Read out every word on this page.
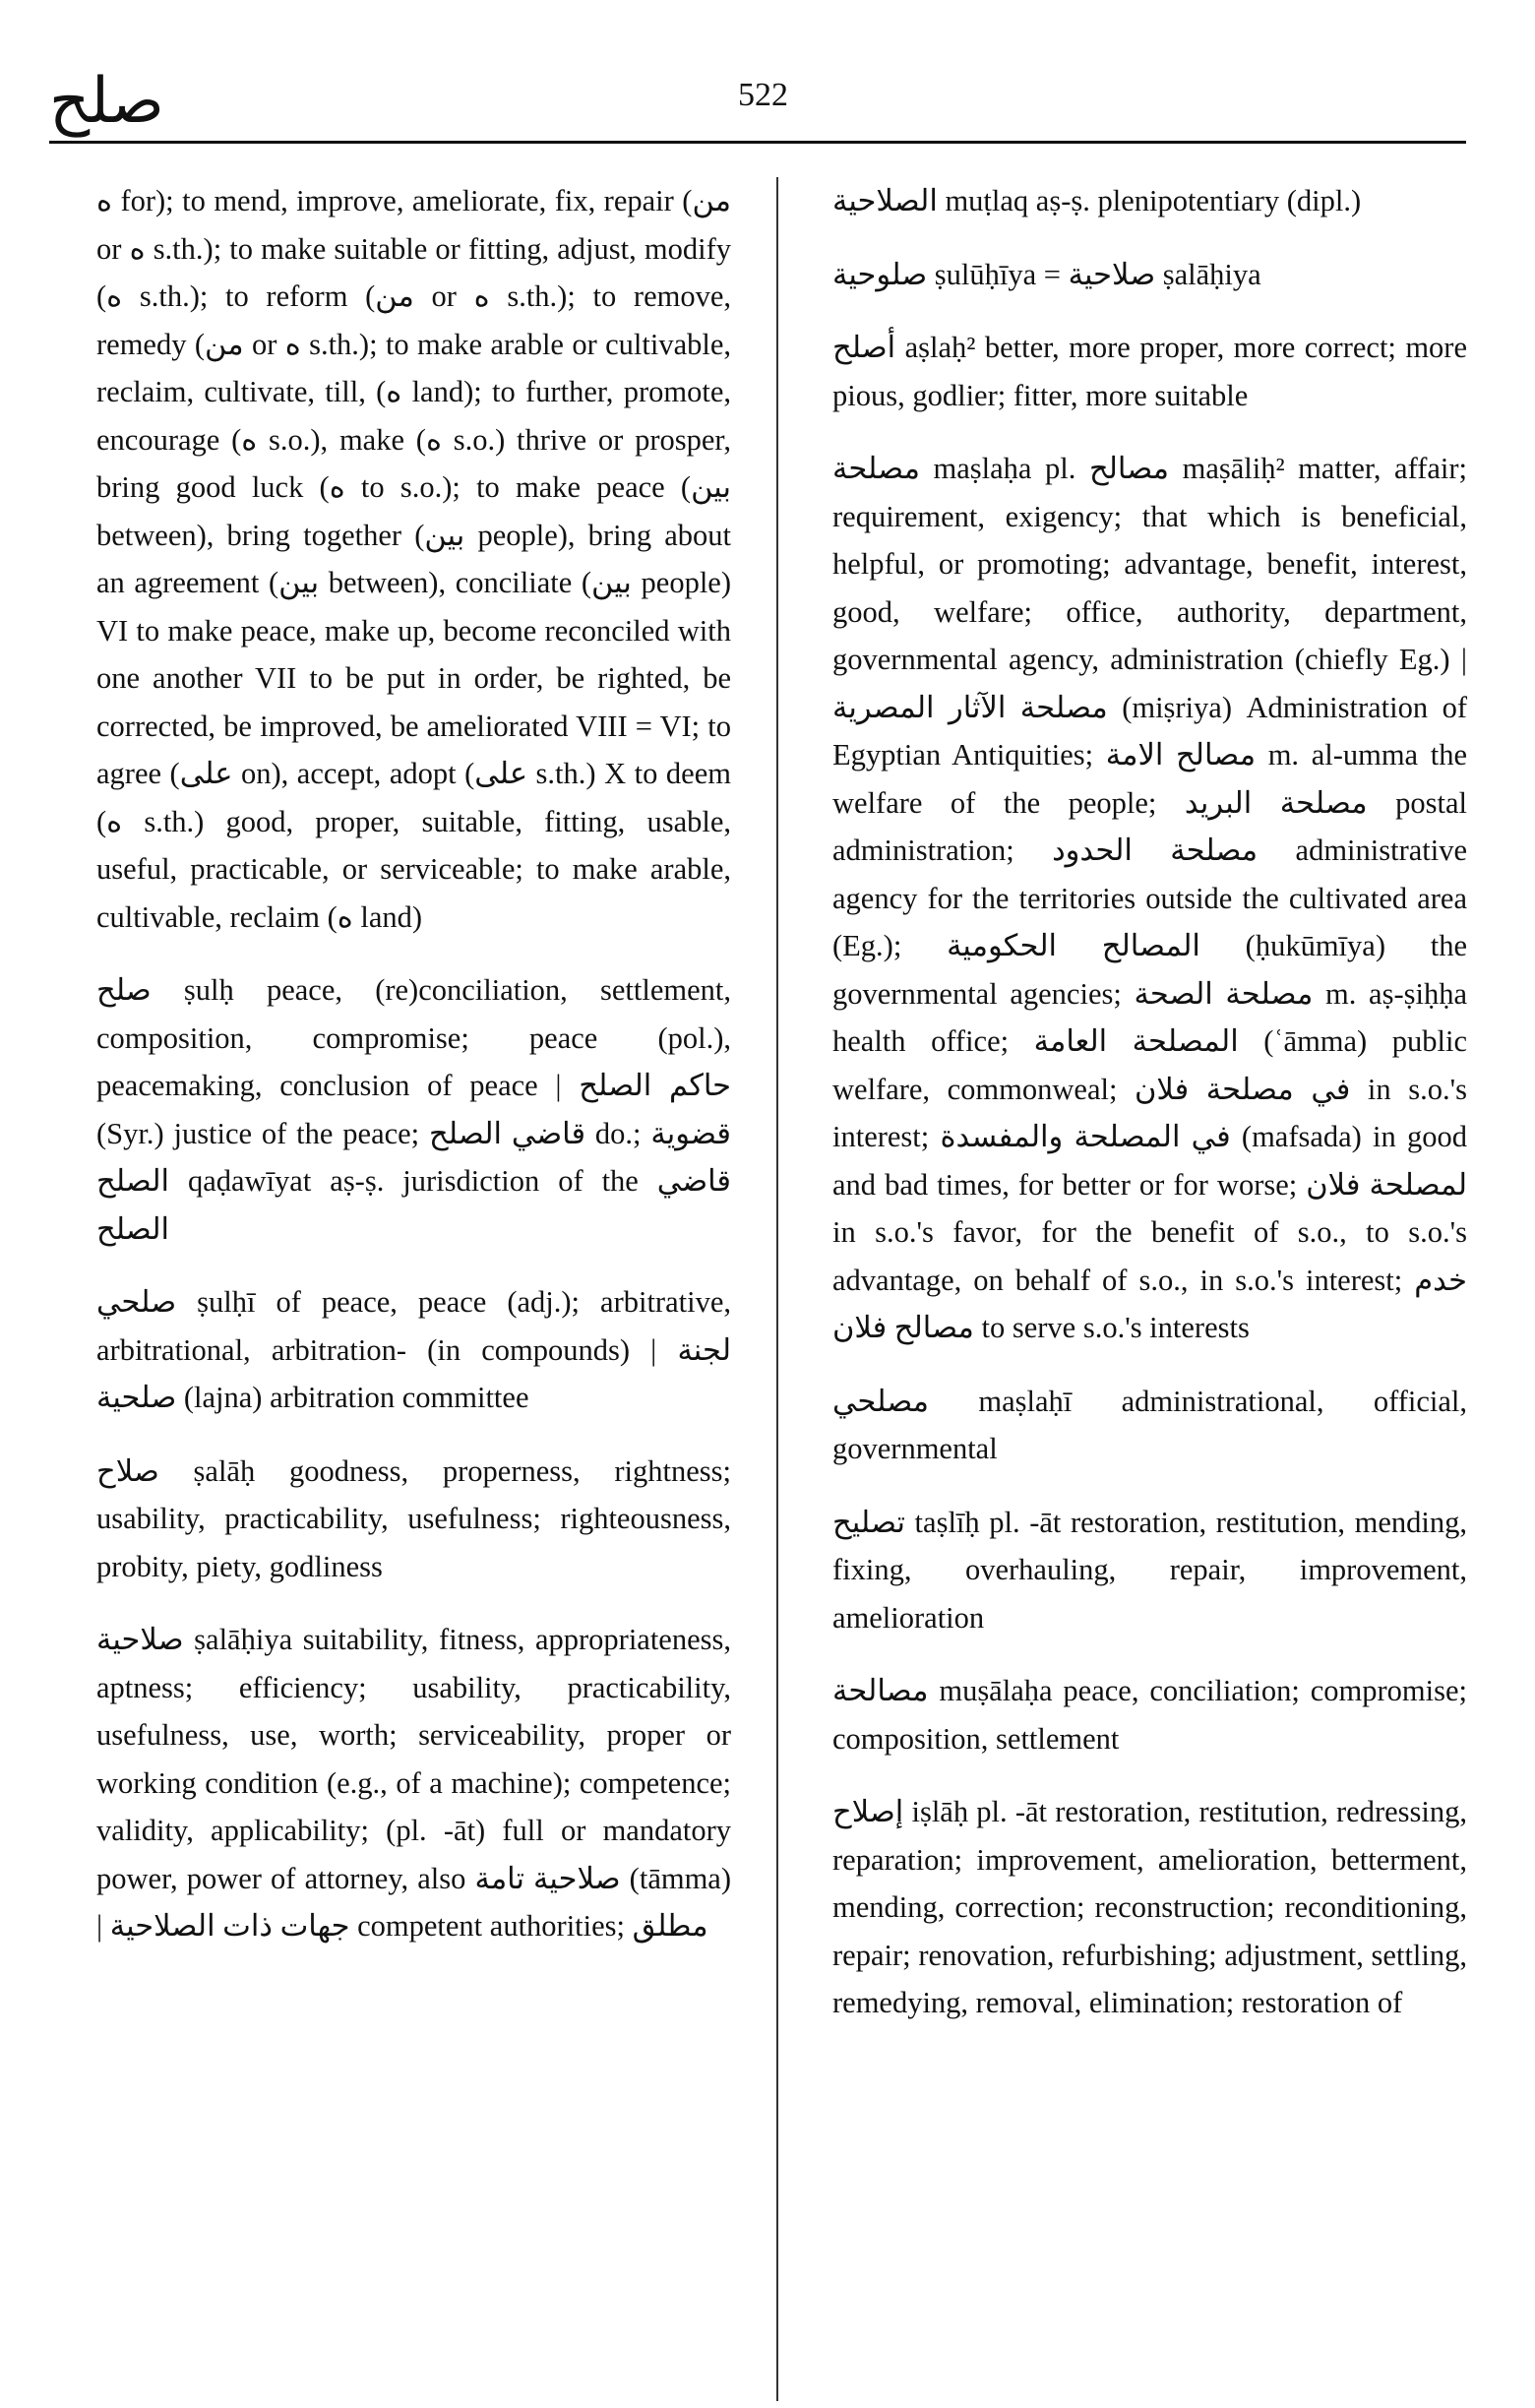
صلح	522

ه for); to mend, improve, ameliorate, fix, repair (من or ه s.th.); to make suitable or fitting, adjust, modify (ه s.th.); to reform (من or ه s.th.); to remove, remedy (من or ه s.th.); to make arable or cultivable, reclaim, cultivate, till, (ه land); to further, promote, encourage (ه s.o.), make (ه s.o.) thrive or prosper, bring good luck (ه to s.o.); to make peace (بين between), bring together (بين people), bring about an agreement (بين between), conciliate (بين people) VI to make peace, make up, become reconciled with one another VII to be put in order, be righted, be corrected, be improved, be ameliorated VIII = VI; to agree (على on), accept, adopt (على s.th.) X to deem (ه s.th.) good, proper, suitable, fitting, usable, useful, practicable, or serviceable; to make arable, cultivable, reclaim (ه land)

صلح ṣulḥ peace, (re)conciliation, settlement, composition, compromise; peace (pol.), peacemaking, conclusion of peace | حاكم الصلح (Syr.) justice of the peace; قاضي الصلح do.; قضوية الصلح qaḍawīyat aṣ-ṣ. jurisdiction of the قاضي الصلح

صلحي ṣulḥī of peace, peace (adj.); arbitrative, arbitrational, arbitration- (in compounds) | لجنة صلحية (lajna) arbitration committee

صلاح ṣalāḥ goodness, properness, rightness; usability, practicability, usefulness; righteousness, probity, piety, godliness

صلاحية ṣalāḥiya suitability, fitness, appropriateness, aptness; efficiency; usability, practicability, usefulness, use, worth; serviceability, proper or working condition (e.g., of a machine); competence; validity, applicability; (pl. -āt) full or mandatory power, power of attorney, also صلاحية تامة (tāmma) | جهات ذات الصلاحية competent authorities; مطلق

الصلاحية muṭlaq aṣ-ṣ. plenipotentiary (dipl.)

صلوحية ṣulūḥīya = صلاحية ṣalāḥiya

أصلح aṣlaḥ² better, more proper, more correct; more pious, godlier; fitter, more suitable

مصلحة maṣlaḥa pl. مصالح maṣāliḥ² matter, affair; requirement, exigency; that which is beneficial, helpful, or promoting; advantage, benefit, interest, good, welfare; office, authority, department, governmental agency, administration (chiefly Eg.) | مصلحة الآثار المصرية (miṣriya) Administration of Egyptian Antiquities; مصالح الامة m. al-umma the welfare of the people; مصلحة البريد postal administration; مصلحة الحدود administrative agency for the territories outside the cultivated area (Eg.); المصالح الحكومية (ḥukūmīya) the governmental agencies; مصلحة الصحة m. aṣ-ṣiḥḥa health office; المصلحة العامة (ʿāmma) public welfare, commonweal; في مصلحة فلان in s.o.'s interest; في المصلحة والمفسدة (mafsada) in good and bad times, for better or for worse; لمصلحة فلان in s.o.'s favor, for the benefit of s.o., to s.o.'s advantage, on behalf of s.o., in s.o.'s interest; خدم مصالح فلان to serve s.o.'s interests

مصلحي maṣlaḥī administrational, official, governmental

تصليح taṣlīḥ pl. -āt restoration, restitution, mending, fixing, overhauling, repair, improvement, amelioration

مصالحة muṣālaḥa peace, conciliation; compromise; composition, settlement

إصلاح iṣlāḥ pl. -āt restoration, restitution, redressing, reparation; improvement, amelioration, betterment, mending, correction; reconstruction; reconditioning, repair; renovation, refurbishing; adjustment, settling, remedying, removal, elimination; restoration of
